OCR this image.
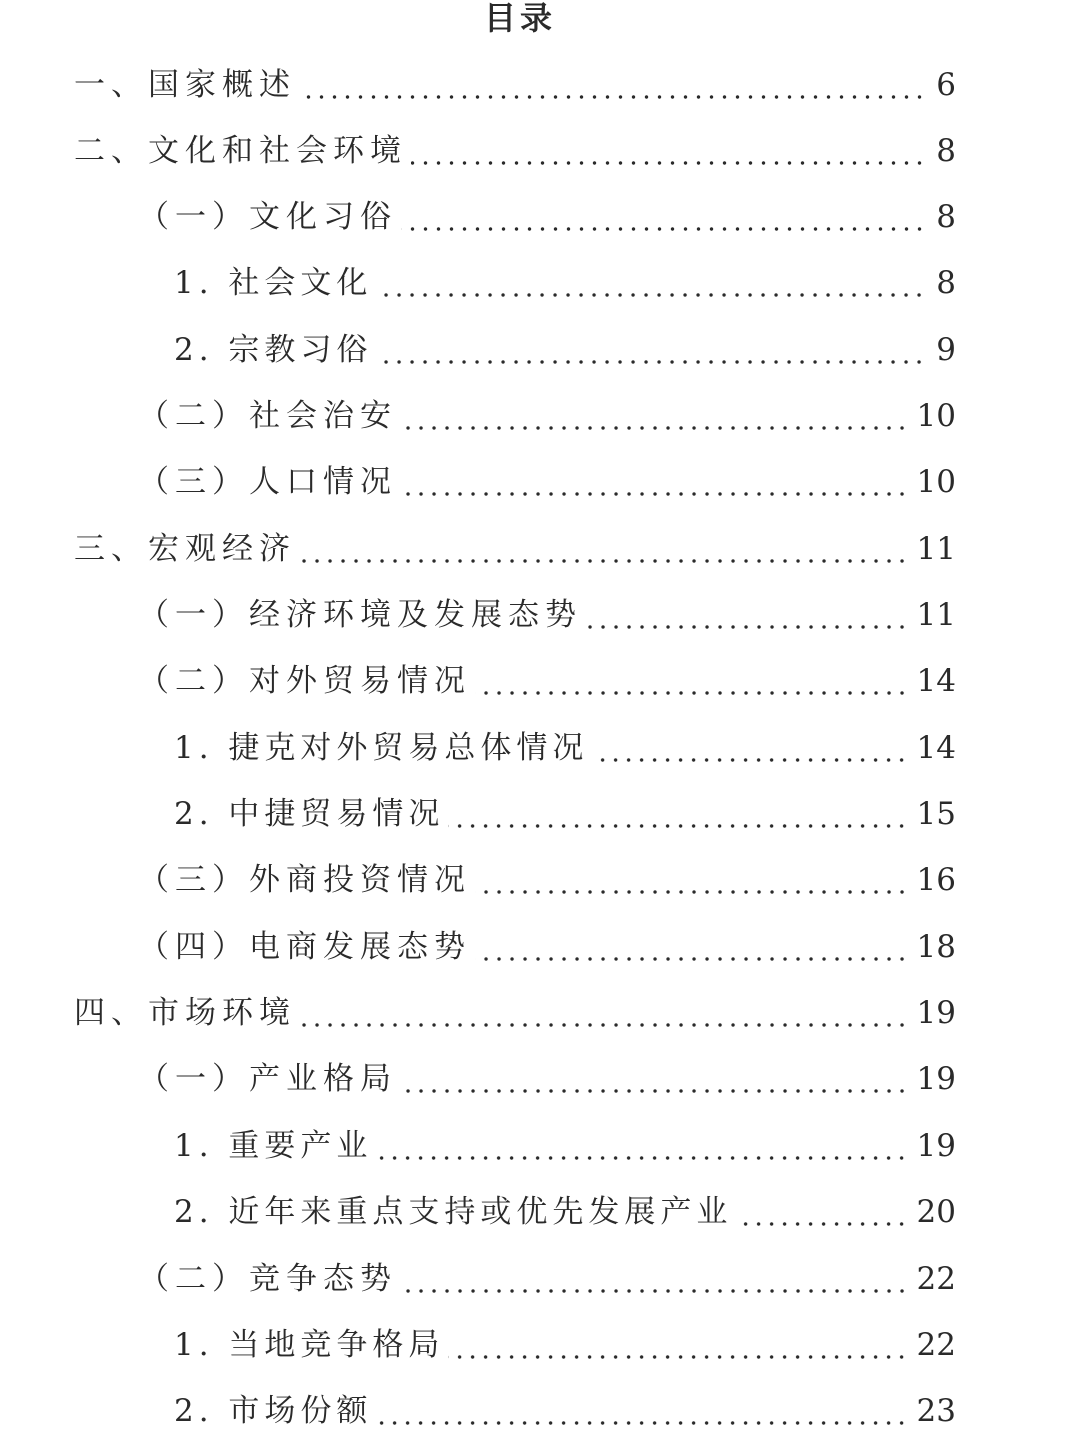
目录
一、国家概述	6
二、文化和社会环境	8
（一）文化习俗	8
1. 社会文化	8
2. 宗教习俗	9
（二）社会治安	10
（三）人口情况	10
三、宏观经济	11
（一）经济环境及发展态势	11
（二）对外贸易情况	14
1. 捷克对外贸易总体情况	14
2. 中捷贸易情况	15
（三）外商投资情况	16
（四）电商发展态势	18
四、市场环境	19
（一）产业格局	19
1. 重要产业	19
2. 近年来重点支持或优先发展产业	20
（二）竞争态势	22
1. 当地竞争格局	22
2. 市场份额	23
